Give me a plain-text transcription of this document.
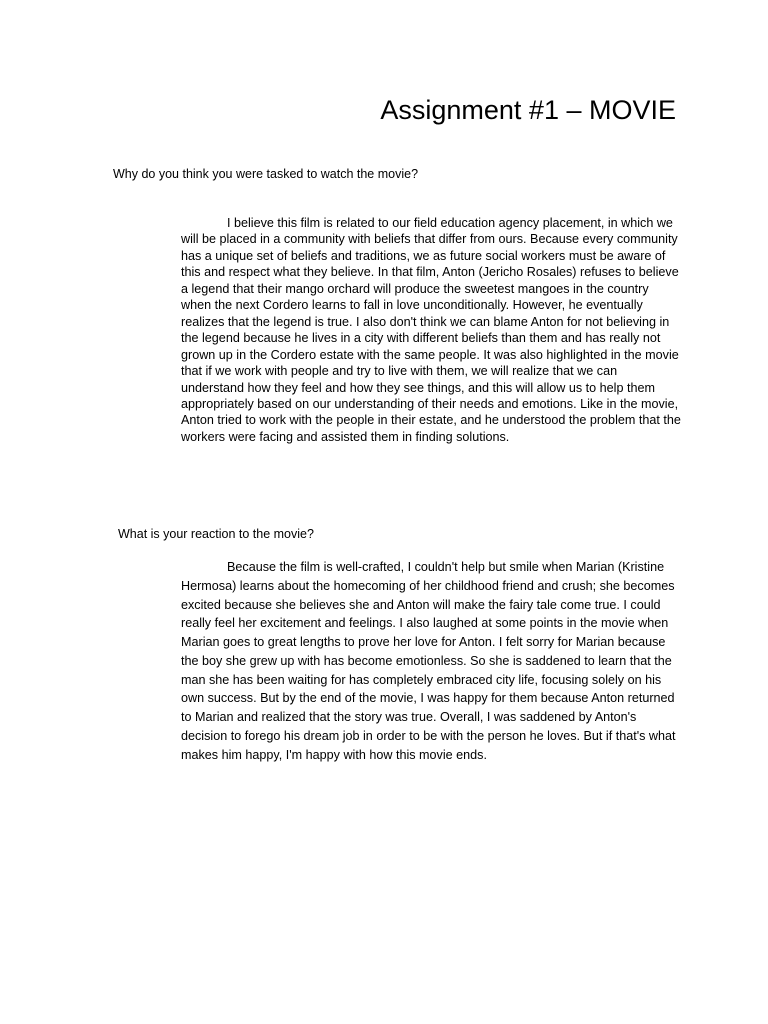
Assignment #1 – MOVIE

Why do you think you were tasked to watch the movie?

I believe this film is related to our field education agency placement, in which we will be placed in a community with beliefs that differ from ours. Because every community has a unique set of beliefs and traditions, we as future social workers must be aware of this and respect what they believe. In that film, Anton (Jericho Rosales) refuses to believe a legend that their mango orchard will produce the sweetest mangoes in the country when the next Cordero learns to fall in love unconditionally. However, he eventually realizes that the legend is true. I also don't think we can blame Anton for not believing in the legend because he lives in a city with different beliefs than them and has really not grown up in the Cordero estate with the same people. It was also highlighted in the movie that if we work with people and try to live with them, we will realize that we can understand how they feel and how they see things, and this will allow us to help them appropriately based on our understanding of their needs and emotions. Like in the movie, Anton tried to work with the people in their estate, and he understood the problem that the workers were facing and assisted them in finding solutions.

What is your reaction to the movie?

Because the film is well-crafted, I couldn't help but smile when Marian (Kristine Hermosa) learns about the homecoming of her childhood friend and crush; she becomes excited because she believes she and Anton will make the fairy tale come true. I could really feel her excitement and feelings. I also laughed at some points in the movie when Marian goes to great lengths to prove her love for Anton. I felt sorry for Marian because the boy she grew up with has become emotionless. So she is saddened to learn that the man she has been waiting for has completely embraced city life, focusing solely on his own success. But by the end of the movie, I was happy for them because Anton returned to Marian and realized that the story was true. Overall, I was saddened by Anton's decision to forego his dream job in order to be with the person he loves. But if that's what makes him happy, I'm happy with how this movie ends.
